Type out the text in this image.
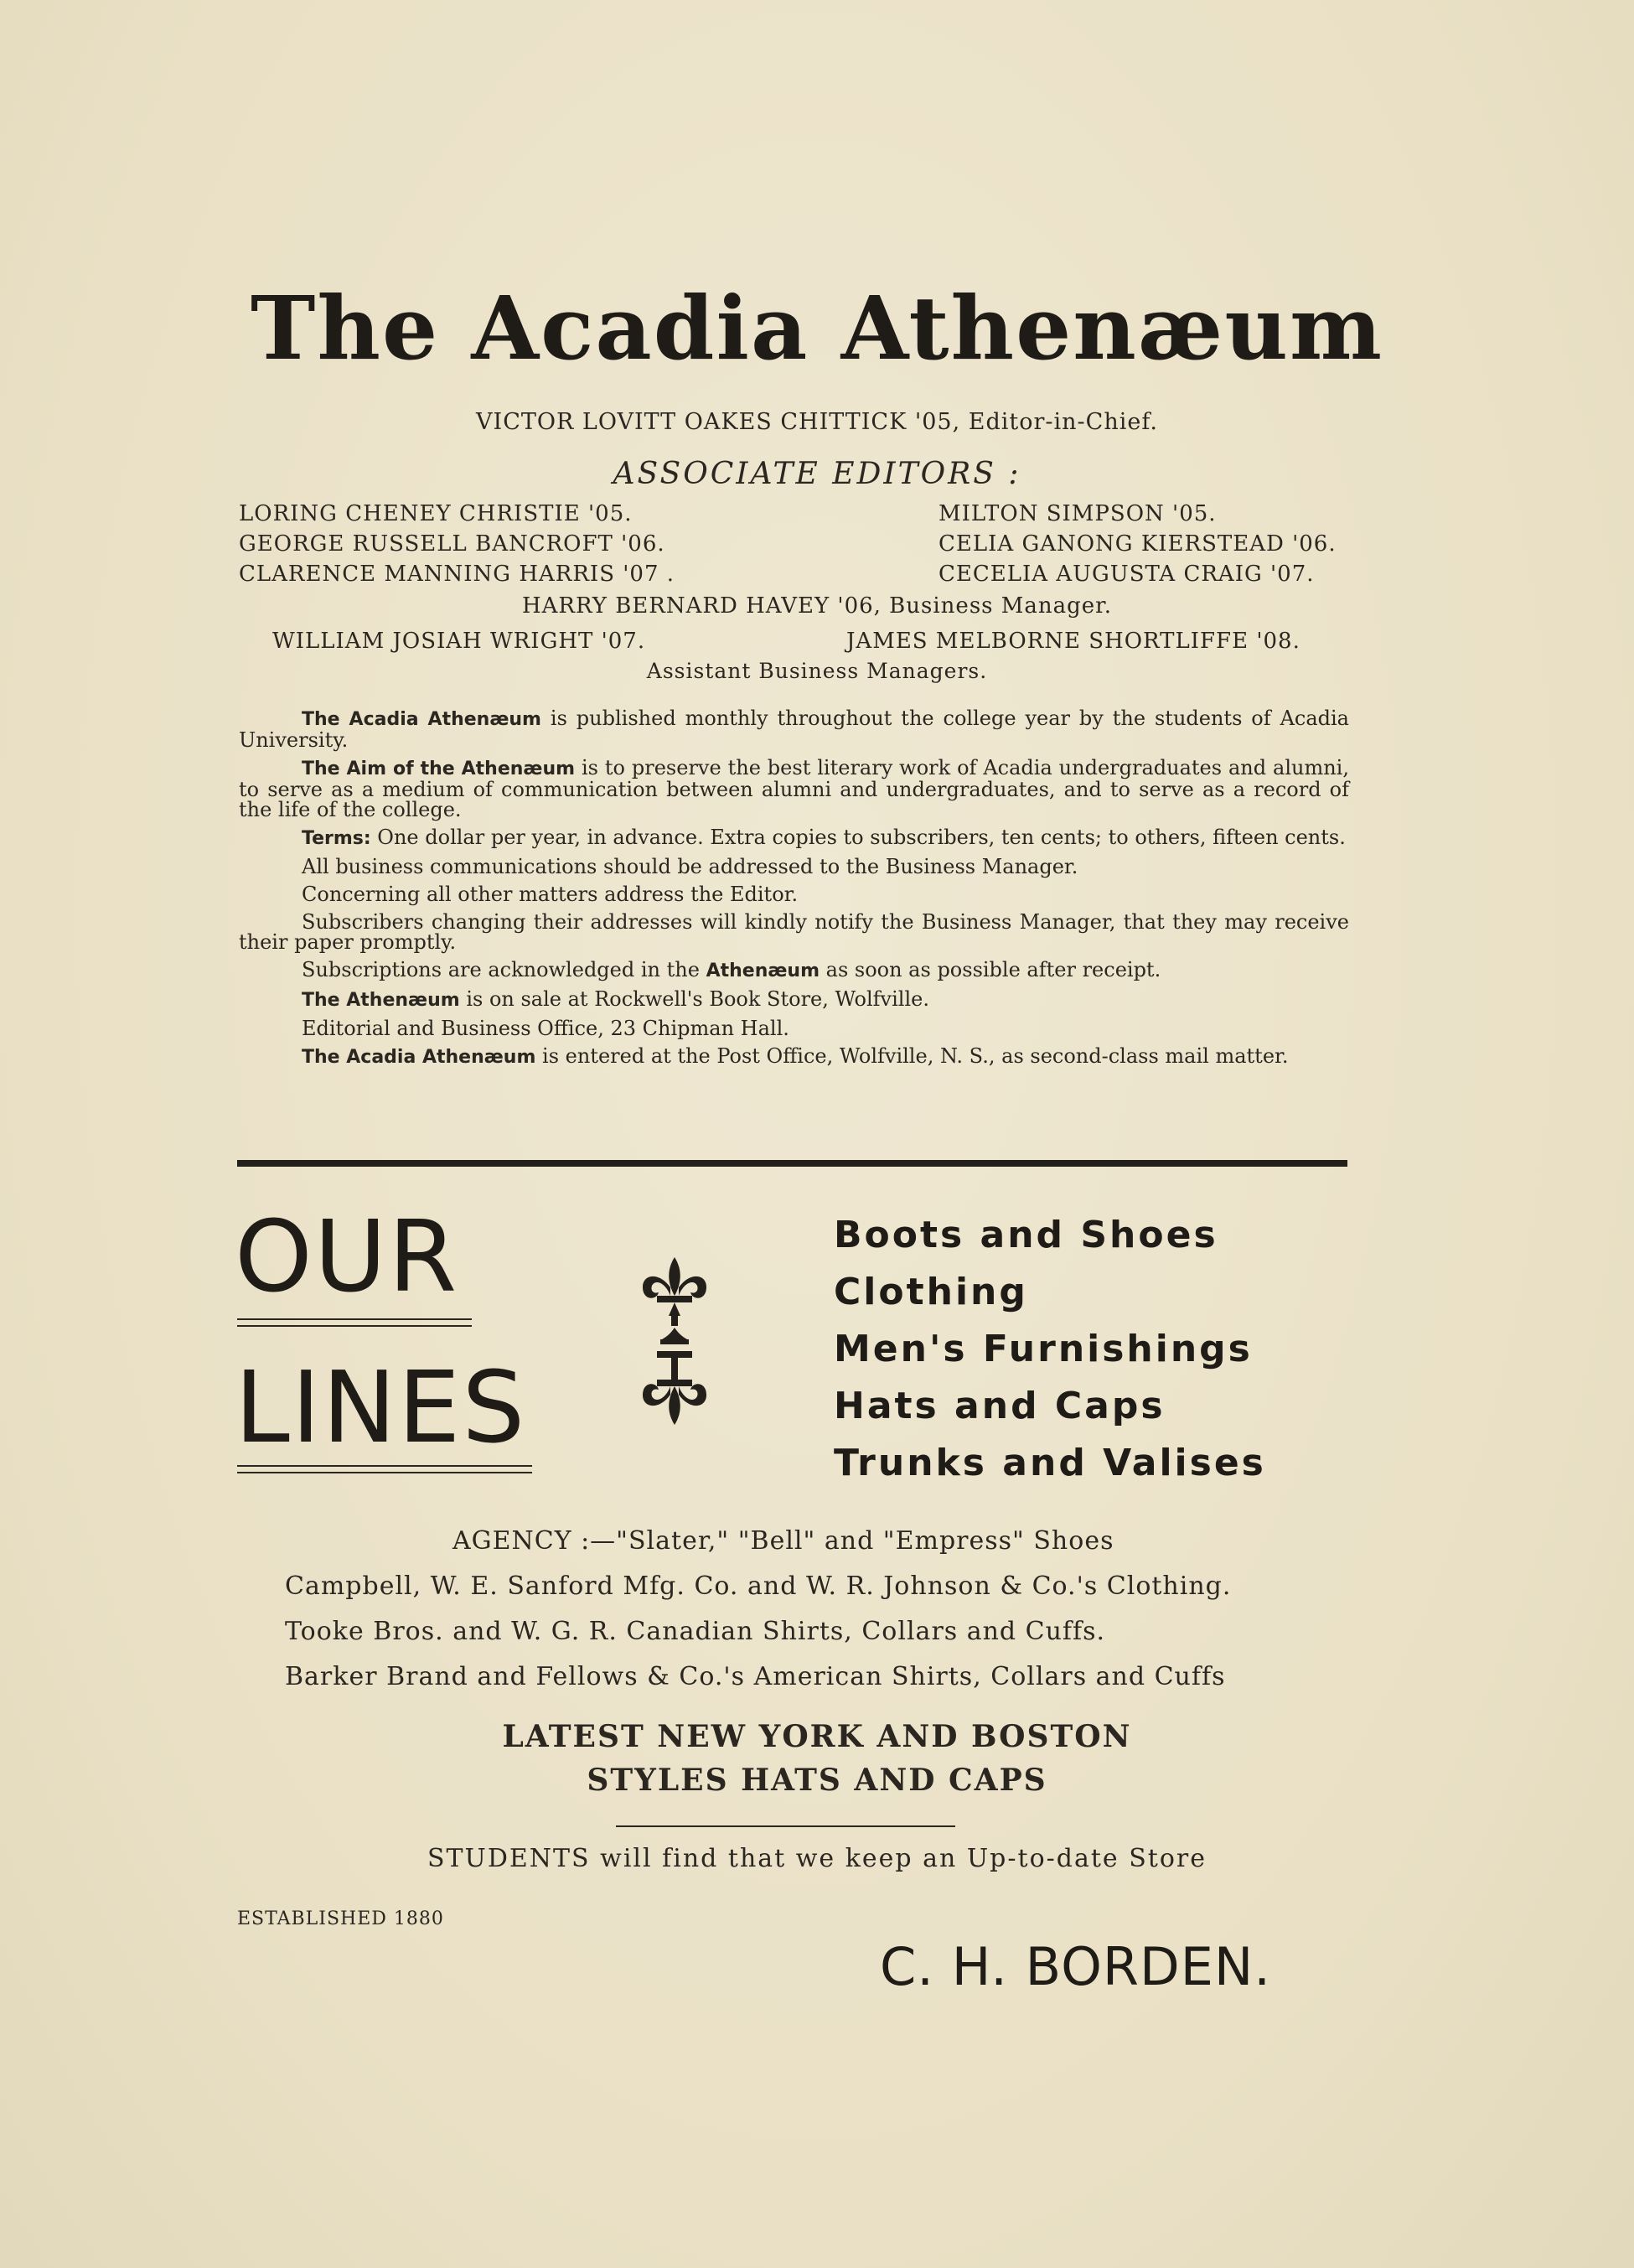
The Acadia Athenæum
VICTOR LOVITT OAKES CHITTICK '05, Editor-in-Chief.
ASSOCIATE EDITORS :
LORING CHENEY CHRISTIE '05.
GEORGE RUSSELL BANCROFT '06.
CLARENCE MANNING HARRIS '07 .
MILTON SIMPSON '05.
CELIA GANONG KIERSTEAD '06.
CECELIA AUGUSTA CRAIG '07.
HARRY BERNARD HAVEY '06, Business Manager.
WILLIAM JOSIAH WRIGHT '07.	JAMES MELBORNE SHORTLIFFE '08.
Assistant Business Managers.
The Acadia Athenæum is published monthly throughout the college year by the students of Acadia University.
The Aim of the Athenæum is to preserve the best literary work of Acadia undergraduates and alumni, to serve as a medium of communication between alumni and undergraduates, and to serve as a record of the life of the college.
Terms: One dollar per year, in advance. Extra copies to subscribers, ten cents; to others, fifteen cents.
All business communications should be addressed to the Business Manager.
Concerning all other matters address the Editor.
Subscribers changing their addresses will kindly notify the Business Manager, that they may receive their paper promptly.
Subscriptions are acknowledged in the Athenæum as soon as possible after receipt.
The Athenæum is on sale at Rockwell's Book Store, Wolfville.
Editorial and Business Office, 23 Chipman Hall.
The Acadia Athenæum is entered at the Post Office, Wolfville, N. S., as second-class mail matter.
OUR
LINES
Boots and Shoes
Clothing
Men's Furnishings
Hats and Caps
Trunks and Valises
AGENCY :—"Slater," "Bell" and "Empress" Shoes
Campbell, W. E. Sanford Mfg. Co. and W. R. Johnson & Co.'s Clothing.
Tooke Bros. and W. G. R. Canadian Shirts, Collars and Cuffs.
Barker Brand and Fellows & Co.'s American Shirts, Collars and Cuffs
LATEST NEW YORK AND BOSTON
STYLES HATS AND CAPS
STUDENTS will find that we keep an Up-to-date Store
ESTABLISHED 1880
C. H. BORDEN.
